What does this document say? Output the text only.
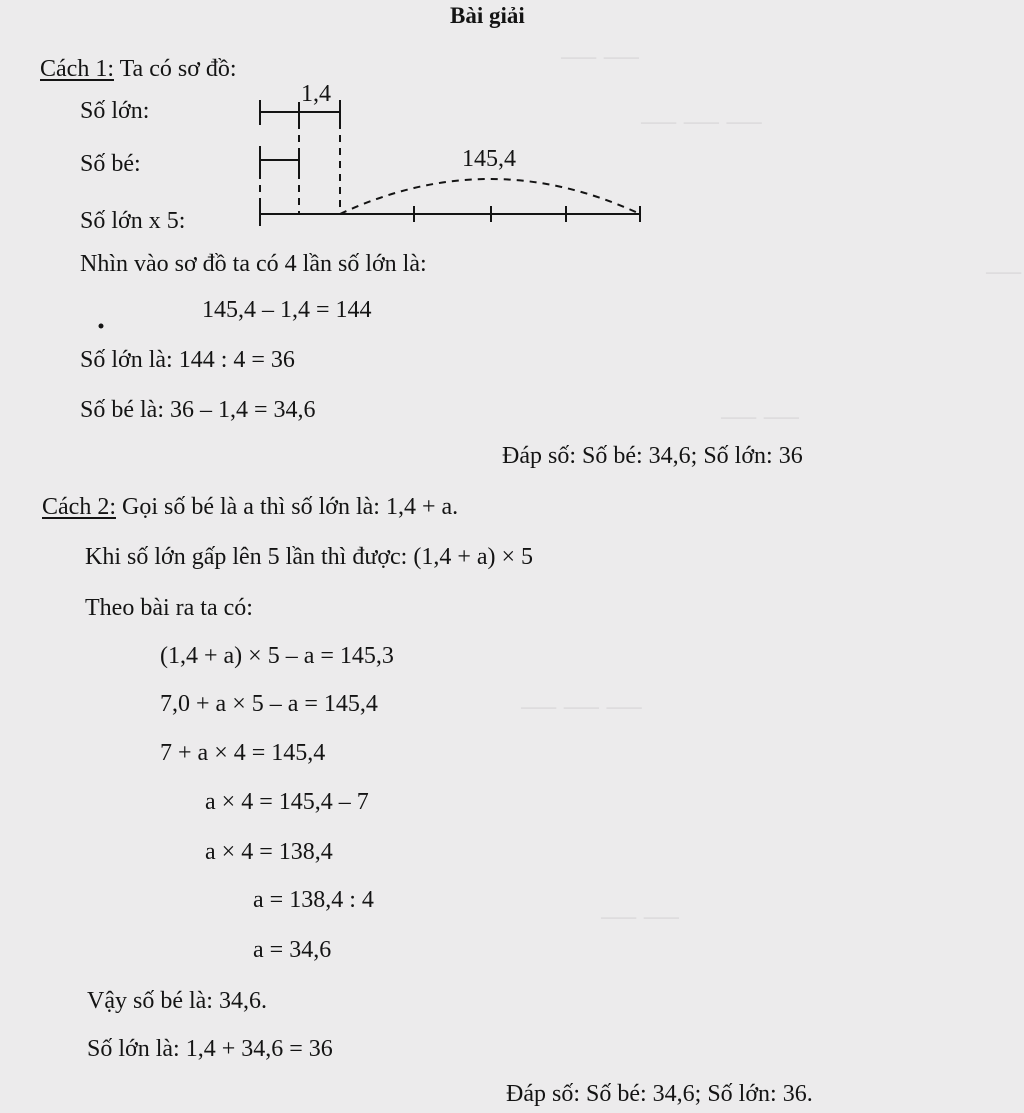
⸺ ⸺
⸺ ⸺ ⸺
⸺
⸺ ⸺
⸺ ⸺ ⸺
⸺ ⸺
Bài giải
Cách 1: Ta có sơ đồ:
Số lớn:
Số bé:
Số lớn x 5:
1,4
145,4
Nhìn vào sơ đồ ta có 4 lần số lớn là:
145,4 – 1,4 = 144
Số lớn là: 144 : 4 = 36
Số bé là: 36 – 1,4 = 34,6
Đáp số: Số bé: 34,6; Số lớn: 36
Cách 2: Gọi số bé là a thì số lớn là: 1,4 + a.
Khi số lớn gấp lên 5 lần thì được: (1,4 + a) × 5
Theo bài ra ta có:
(1,4 + a) × 5 – a = 145,3
7,0 + a × 5 – a = 145,4
7 + a × 4 = 145,4
a × 4 = 145,4 – 7
a × 4 = 138,4
a = 138,4 : 4
a = 34,6
Vậy số bé là: 34,6.
Số lớn là: 1,4 + 34,6 = 36
Đáp số: Số bé: 34,6; Số lớn: 36.
